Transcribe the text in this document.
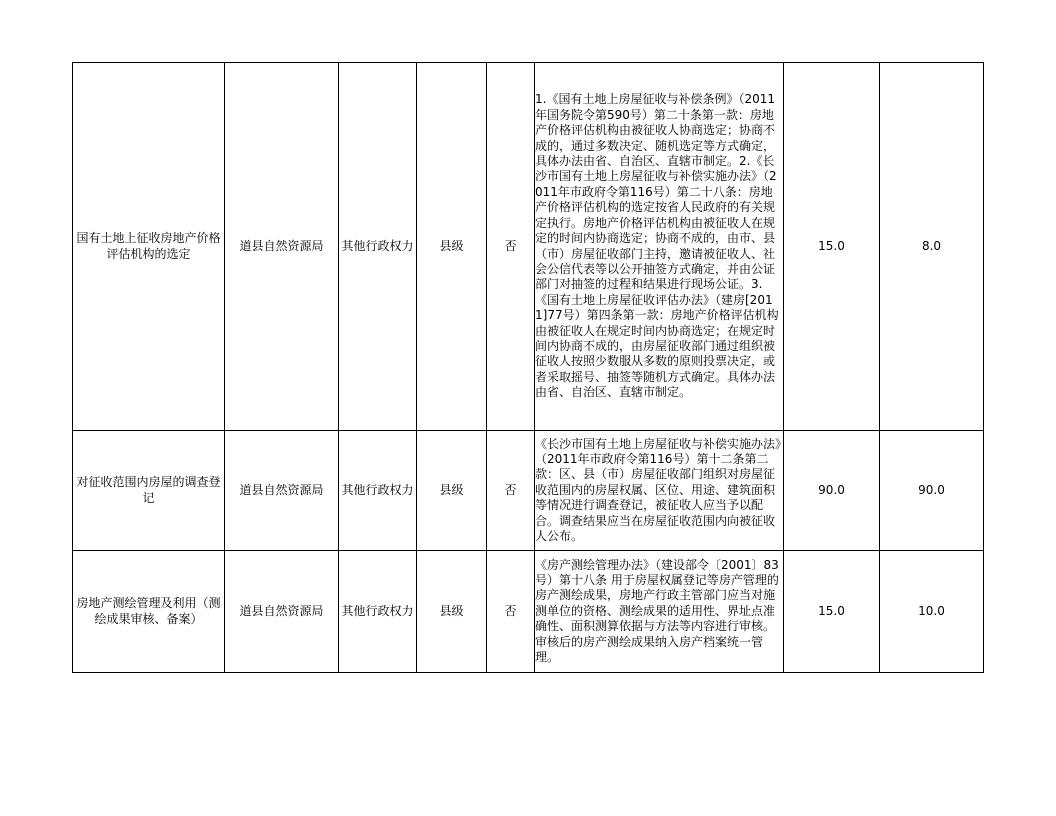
国有土地上征收房地产价格评估机构的选定	道县自然资源局	其他行政权力	县级	否	1.《国有土地上房屋征收与补偿条例》（2011年国务院令第590号）第二十条第一款：房地产价格评估机构由被征收人协商选定；协商不成的，通过多数决定、随机选定等方式确定，具体办法由省、自治区、直辖市制定。2.《长沙市国有土地上房屋征收与补偿实施办法》（2011年市政府令第116号）第二十八条：房地产价格评估机构的选定按省人民政府的有关规定执行。房地产价格评估机构由被征收人在规定的时间内协商选定；协商不成的，由市、县（市）房屋征收部门主持，邀请被征收人、社会公信代表等以公开抽签方式确定，并由公证部门对抽签的过程和结果进行现场公证。3.《国有土地上房屋征收评估办法》（建房[2011]77号）第四条第一款：房地产价格评估机构由被征收人在规定时间内协商选定；在规定时间内协商不成的，由房屋征收部门通过组织被征收人按照少数服从多数的原则投票决定，或者采取摇号、抽签等随机方式确定。具体办法由省、自治区、直辖市制定。	15.0	8.0

对征收范围内房屋的调查登记	道县自然资源局	其他行政权力	县级	否	《长沙市国有土地上房屋征收与补偿实施办法》（2011年市政府令第116号）第十二条第二款：区、县（市）房屋征收部门组织对房屋征收范围内的房屋权属、区位、用途、建筑面积等情况进行调查登记，被征收人应当予以配合。调查结果应当在房屋征收范围内向被征收人公布。	90.0	90.0

房地产测绘管理及利用（测绘成果审核、备案）	道县自然资源局	其他行政权力	县级	否	《房产测绘管理办法》（建设部令〔2001〕83号）第十八条 用于房屋权属登记等房产管理的房产测绘成果，房地产行政主管部门应当对施测单位的资格、测绘成果的适用性、界址点准确性、面积测算依据与方法等内容进行审核。审核后的房产测绘成果纳入房产档案统一管理。	15.0	10.0
